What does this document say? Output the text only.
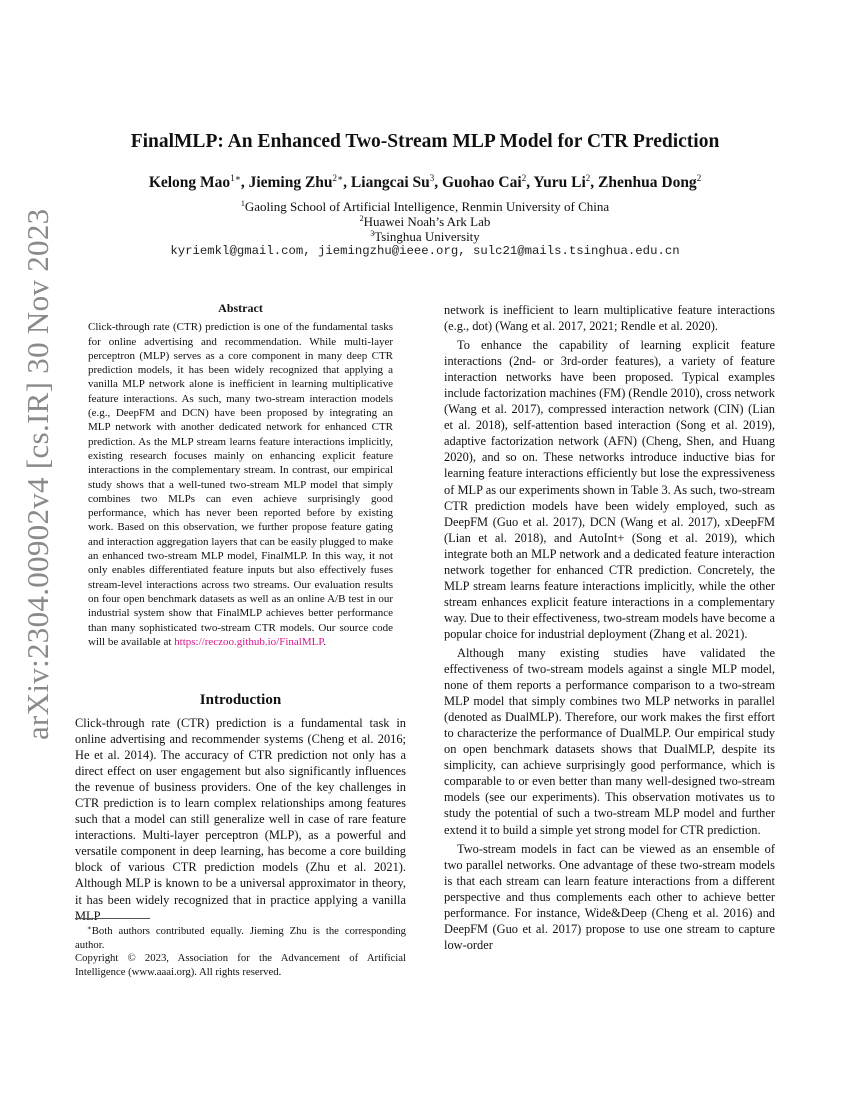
arXiv:2304.00902v4 [cs.IR] 30 Nov 2023
FinalMLP: An Enhanced Two-Stream MLP Model for CTR Prediction
Kelong Mao$^{1∗}$, Jieming Zhu$^{2∗}$, Liangcai Su$^3$, Guohao Cai$^2$, Yuru Li$^2$, Zhenhua Dong$^2$
$^1$Gaoling School of Artificial Intelligence, Renmin University of China
$^2$Huawei Noah’s Ark Lab
$^3$Tsinghua University
kyriemkl@gmail.com, jiemingzhu@ieee.org, sulc21@mails.tsinghua.edu.cn
Abstract

Click-through rate (CTR) prediction is one of the fundamental tasks for online advertising and recommendation. While multi-layer perceptron (MLP) serves as a core component in many deep CTR prediction models, it has been widely recognized that applying a vanilla MLP network alone is inefficient in learning multiplicative feature interactions. As such, many two-stream interaction models (e.g., DeepFM and DCN) have been proposed by integrating an MLP network with another dedicated network for enhanced CTR prediction. As the MLP stream learns feature interactions implicitly, existing research focuses mainly on enhancing explicit feature interactions in the complementary stream. In contrast, our empirical study shows that a well-tuned two-stream MLP model that simply combines two MLPs can even achieve surprisingly good performance, which has never been reported before by existing work. Based on this observation, we further propose feature gating and interaction aggregation layers that can be easily plugged to make an enhanced two-stream MLP model, FinalMLP. In this way, it not only enables differentiated feature inputs but also effectively fuses stream-level interactions across two streams. Our evaluation results on four open benchmark datasets as well as an online A/B test in our industrial system show that FinalMLP achieves better performance than many sophisticated two-stream CTR models. Our source code will be available at https://reczoo.github.io/FinalMLP.

Introduction

Click-through rate (CTR) prediction is a fundamental task in online advertising and recommender systems (Cheng et al. 2016; He et al. 2014). The accuracy of CTR prediction not only has a direct effect on user engagement but also significantly influences the revenue of business providers. One of the key challenges in CTR prediction is to learn complex relationships among features such that a model can still generalize well in case of rare feature interactions. Multi-layer perceptron (MLP), as a powerful and versatile component in deep learning, has become a core building block of various CTR prediction models (Zhu et al. 2021). Although MLP is known to be a universal approximator in theory, it has been widely recognized that in practice applying a vanilla MLP

∗Both authors contributed equally. Jieming Zhu is the corresponding author.

Copyright © 2023, Association for the Advancement of Artificial Intelligence (www.aaai.org). All rights reserved.

network is inefficient to learn multiplicative feature interactions (e.g., dot) (Wang et al. 2017, 2021; Rendle et al. 2020).

To enhance the capability of learning explicit feature interactions (2nd- or 3rd-order features), a variety of feature interaction networks have been proposed. Typical examples include factorization machines (FM) (Rendle 2010), cross network (Wang et al. 2017), compressed interaction network (CIN) (Lian et al. 2018), self-attention based interaction (Song et al. 2019), adaptive factorization network (AFN) (Cheng, Shen, and Huang 2020), and so on. These networks introduce inductive bias for learning feature interactions efficiently but lose the expressiveness of MLP as our experiments shown in Table 3. As such, two-stream CTR prediction models have been widely employed, such as DeepFM (Guo et al. 2017), DCN (Wang et al. 2017), xDeepFM (Lian et al. 2018), and AutoInt+ (Song et al. 2019), which integrate both an MLP network and a dedicated feature interaction network together for enhanced CTR prediction. Concretely, the MLP stream learns feature interactions implicitly, while the other stream enhances explicit feature interactions in a complementary way. Due to their effectiveness, two-stream models have become a popular choice for industrial deployment (Zhang et al. 2021).

Although many existing studies have validated the effectiveness of two-stream models against a single MLP model, none of them reports a performance comparison to a two-stream MLP model that simply combines two MLP networks in parallel (denoted as DualMLP). Therefore, our work makes the first effort to characterize the performance of DualMLP. Our empirical study on open benchmark datasets shows that DualMLP, despite its simplicity, can achieve surprisingly good performance, which is comparable to or even better than many well-designed two-stream models (see our experiments). This observation motivates us to study the potential of such a two-stream MLP model and further extend it to build a simple yet strong model for CTR prediction.

Two-stream models in fact can be viewed as an ensemble of two parallel networks. One advantage of these two-stream models is that each stream can learn feature interactions from a different perspective and thus complements each other to achieve better performance. For instance, Wide&Deep (Cheng et al. 2016) and DeepFM (Guo et al. 2017) propose to use one stream to capture low-order
